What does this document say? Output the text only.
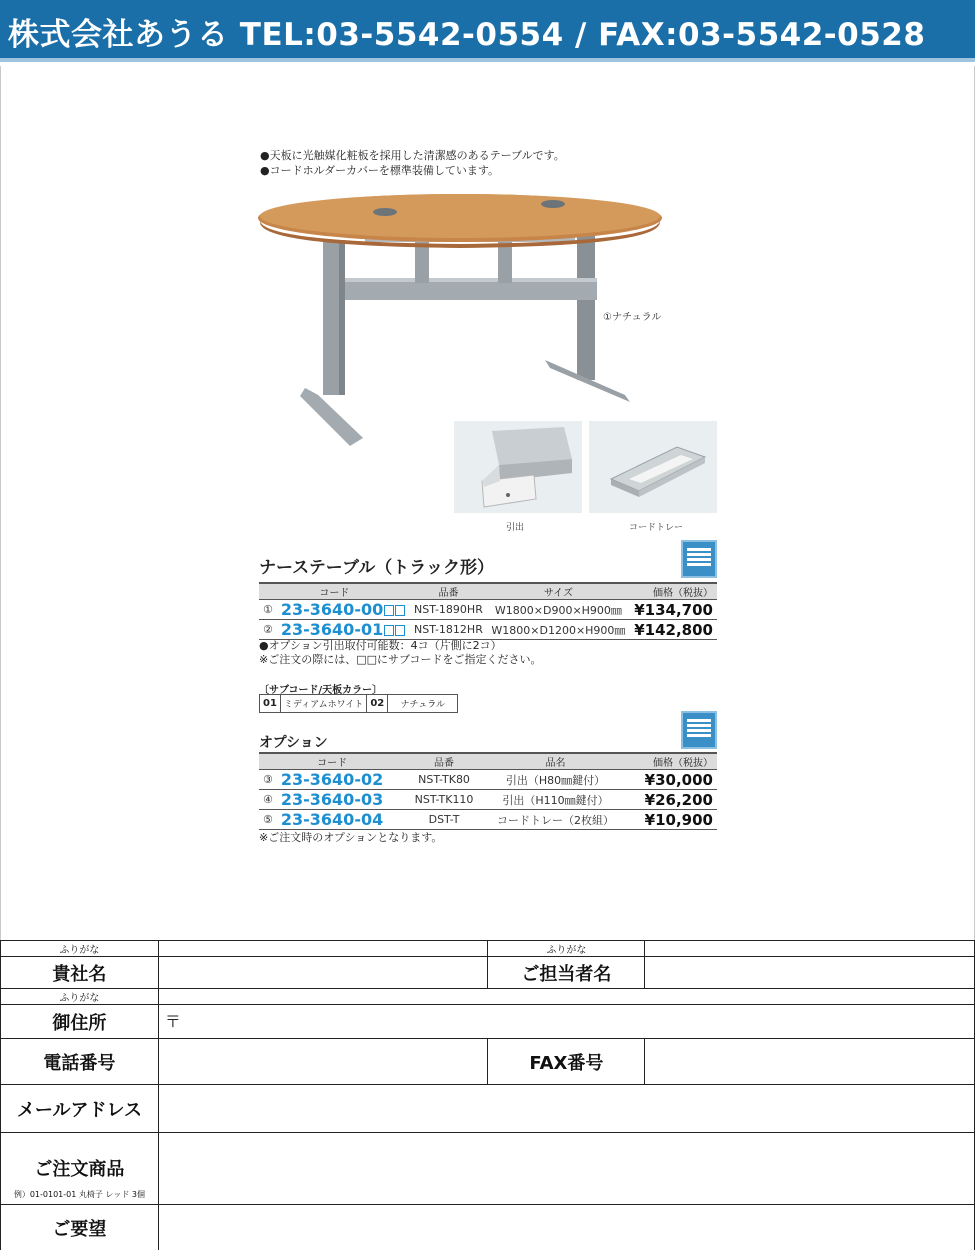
株式会社あうる TEL:03-5542-0554 / FAX:03-5542-0528
●天板に光触媒化粧板を採用した清潔感のあるテーブルです。
●コードホルダーカバーを標準装備しています。
①ナチュラル
引出	コードトレー
ナーステーブル（トラック形）
コード		品番	サイズ	価格（税抜）
①	23-3640-00	NST-1890HR	W1800×D900×H900㎜	¥134,700
②	23-3640-01	NST-1812HR	W1800×D1200×H900㎜	¥142,800
●オプション引出取付可能数：4コ（片側に2コ）
※ご注文の際には、□□にサブコードをご指定ください。
〔サブコード/天板カラー〕
01	ミディアムホワイト	02	ナチュラル
オプション
コード		品番	品名	価格（税抜）
③	23-3640-02	NST-TK80	引出（H80㎜鍵付）	¥30,000
④	23-3640-03	NST-TK110	引出（H110㎜鍵付）	¥26,200
⑤	23-3640-04	DST-T	コードトレー（2枚組）	¥10,900
※ご注文時のオプションとなります。
ふりがな		ふりがな	
貴社名		ご担当者名	
ふりがな			
御住所	〒		
電話番号		FAX番号	
メールアドレス			
ご注文商品
例）01-0101-01 丸椅子 レッド 3個			

ご要望			
